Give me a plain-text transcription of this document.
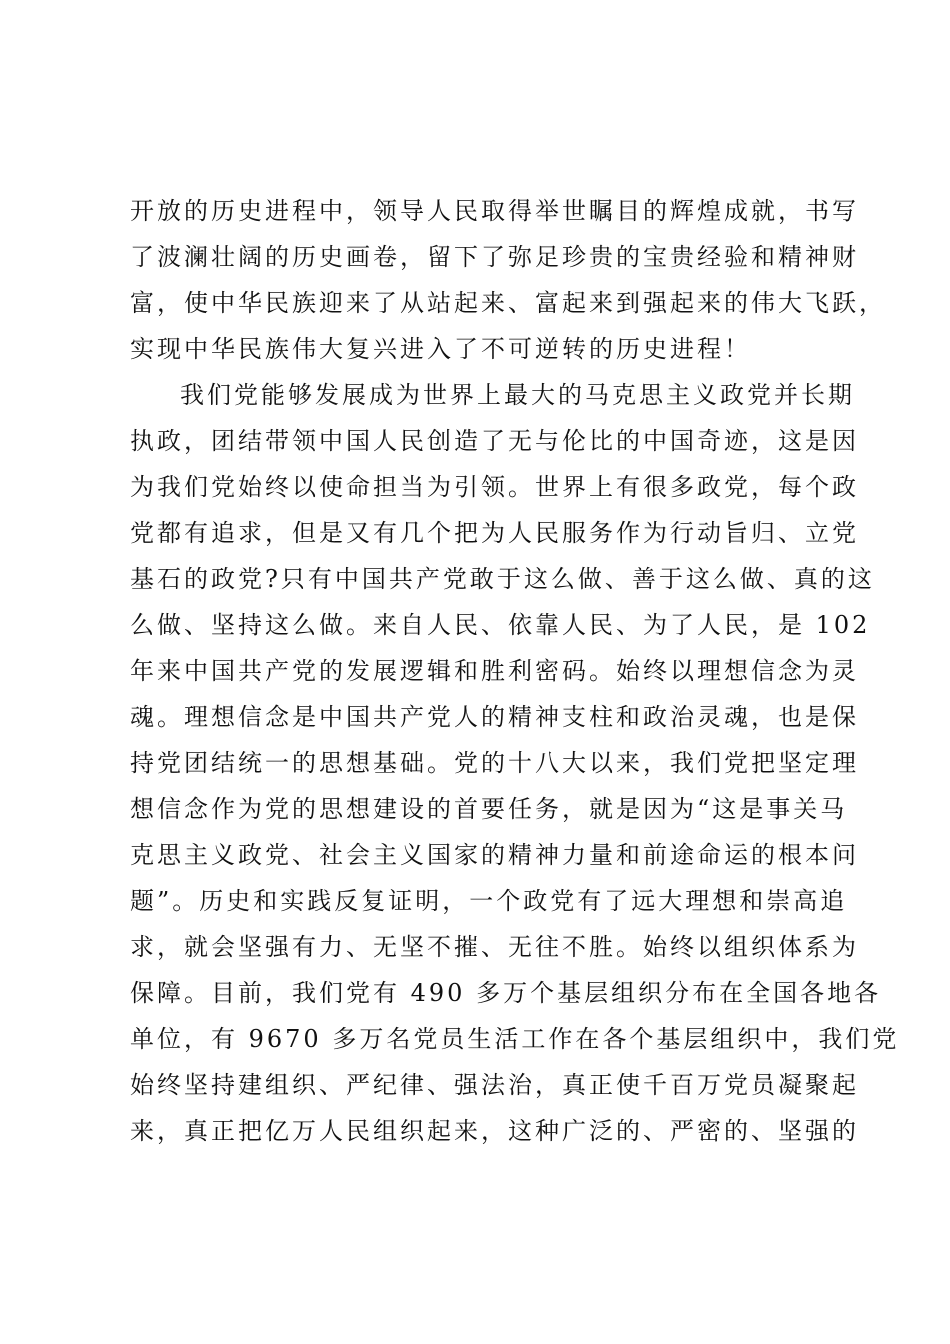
开放的历史进程中，领导人民取得举世瞩目的辉煌成就，书写
了波澜壮阔的历史画卷，留下了弥足珍贵的宝贵经验和精神财
富，使中华民族迎来了从站起来、富起来到强起来的伟大飞跃，
实现中华民族伟大复兴进入了不可逆转的历史进程！
我们党能够发展成为世界上最大的马克思主义政党并长期
执政，团结带领中国人民创造了无与伦比的中国奇迹，这是因
为我们党始终以使命担当为引领。世界上有很多政党，每个政
党都有追求，但是又有几个把为人民服务作为行动旨归、立党
基石的政党?只有中国共产党敢于这么做、善于这么做、真的这
么做、坚持这么做。来自人民、依靠人民、为了人民，是 102
年来中国共产党的发展逻辑和胜利密码。始终以理想信念为灵
魂。理想信念是中国共产党人的精神支柱和政治灵魂，也是保
持党团结统一的思想基础。党的十八大以来，我们党把坚定理
想信念作为党的思想建设的首要任务，就是因为“这是事关马
克思主义政党、社会主义国家的精神力量和前途命运的根本问
题”。历史和实践反复证明，一个政党有了远大理想和崇高追
求，就会坚强有力、无坚不摧、无往不胜。始终以组织体系为
保障。目前，我们党有 490 多万个基层组织分布在全国各地各
单位，有 9670 多万名党员生活工作在各个基层组织中，我们党
始终坚持建组织、严纪律、强法治，真正使千百万党员凝聚起
来，真正把亿万人民组织起来，这种广泛的、严密的、坚强的
